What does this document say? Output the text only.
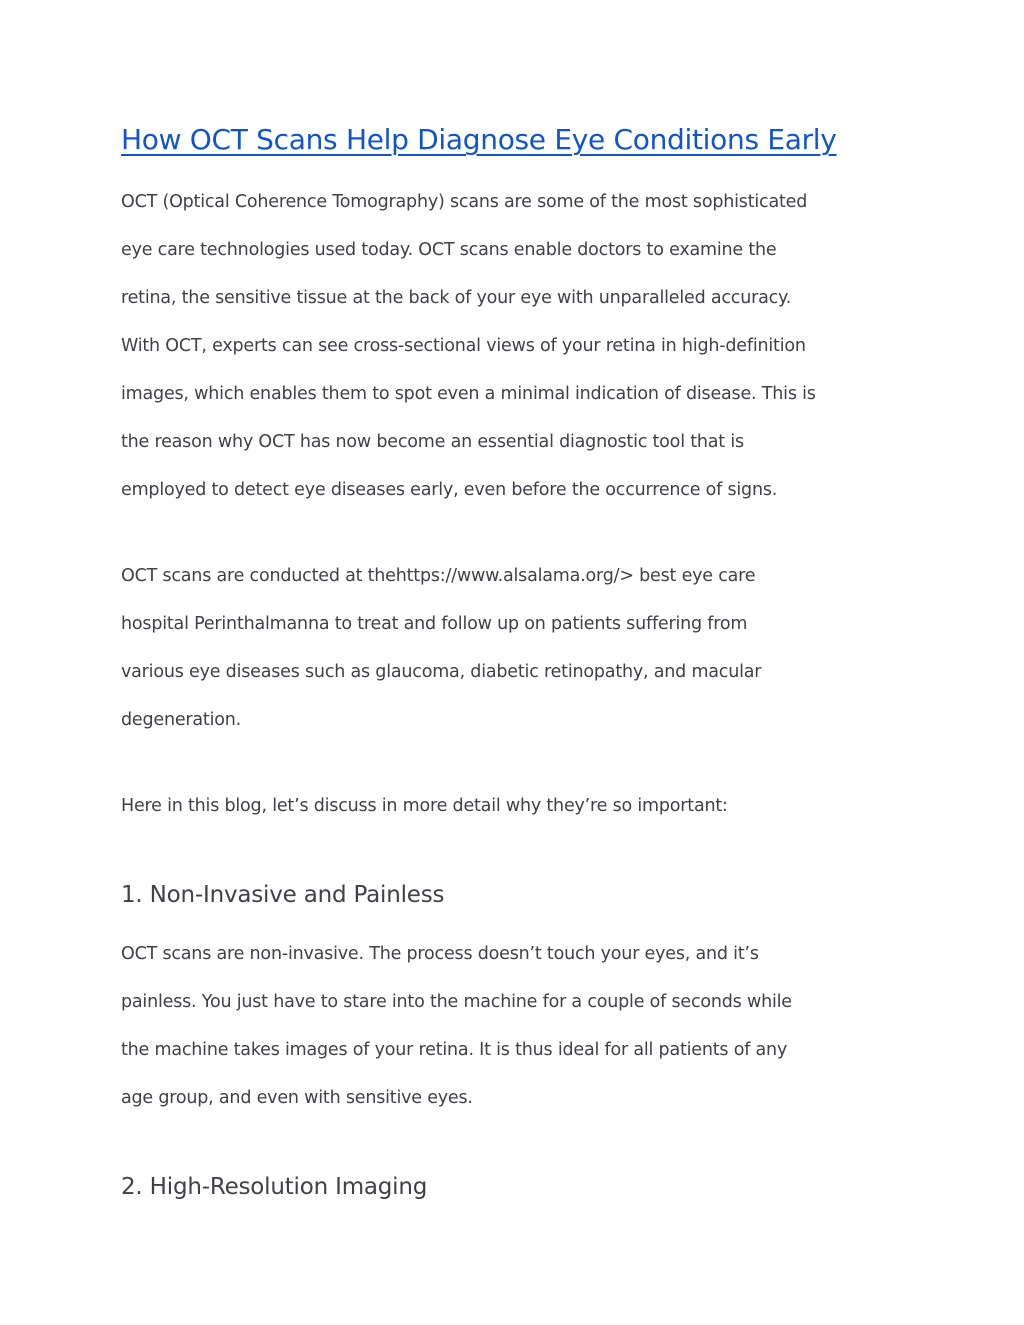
How OCT Scans Help Diagnose Eye Conditions Early

OCT (Optical Coherence Tomography) scans are some of the most sophisticated
eye care technologies used today. OCT scans enable doctors to examine the
retina, the sensitive tissue at the back of your eye with unparalleled accuracy.
With OCT, experts can see cross-sectional views of your retina in high-definition
images, which enables them to spot even a minimal indication of disease. This is
the reason why OCT has now become an essential diagnostic tool that is
employed to detect eye diseases early, even before the occurrence of signs.

OCT scans are conducted at thehttps://www.alsalama.org/> best eye care
hospital Perinthalmanna to treat and follow up on patients suffering from
various eye diseases such as glaucoma, diabetic retinopathy, and macular
degeneration.

Here in this blog, let’s discuss in more detail why they’re so important:

1. Non-Invasive and Painless

OCT scans are non-invasive. The process doesn’t touch your eyes, and it’s
painless. You just have to stare into the machine for a couple of seconds while
the machine takes images of your retina. It is thus ideal for all patients of any
age group, and even with sensitive eyes.

2. High-Resolution Imaging
